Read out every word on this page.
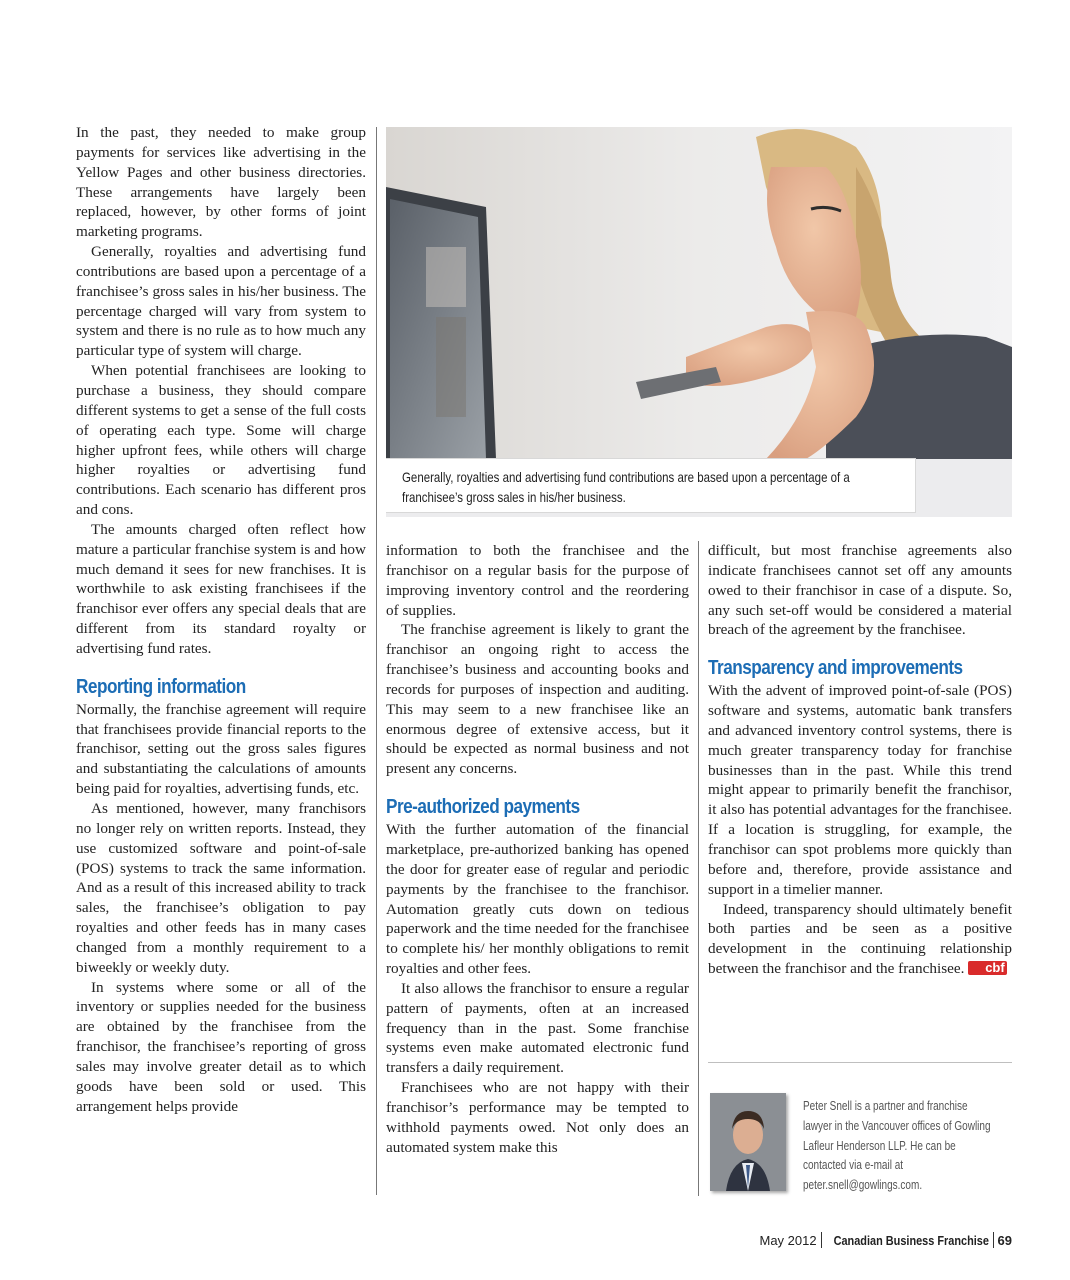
In the past, they needed to make group payments for services like advertising in the Yellow Pages and other business directories. These arrangements have largely been replaced, however, by other forms of joint marketing programs.

Generally, royalties and advertising fund contributions are based upon a percentage of a franchisee’s gross sales in his/her business. The percentage charged will vary from system to system and there is no rule as to how much any particular type of system will charge.

When potential franchisees are looking to purchase a business, they should compare different systems to get a sense of the full costs of operating each type. Some will charge higher upfront fees, while others will charge higher royalties or advertising fund contributions. Each scenario has different pros and cons.

The amounts charged often reflect how mature a particular franchise system is and how much demand it sees for new franchises. It is worthwhile to ask existing franchisees if the franchisor ever offers any special deals that are different from its standard royalty or advertising fund rates.

Reporting information

Normally, the franchise agreement will require that franchisees provide financial reports to the franchisor, setting out the gross sales figures and substantiating the calculations of amounts being paid for royalties, advertising funds, etc.

As mentioned, however, many franchisors no longer rely on written reports. Instead, they use customized software and point-of-sale (POS) systems to track the same information. And as a result of this increased ability to track sales, the franchisee’s obligation to pay royalties and other feeds has in many cases changed from a monthly requirement to a biweekly or weekly duty.

In systems where some or all of the inventory or supplies needed for the business are obtained by the franchisee from the franchisor, the franchisee’s reporting of gross sales may involve greater detail as to which goods have been sold or used. This arrangement helps provide

Generally, royalties and advertising fund contributions are based upon a percentage of a franchisee’s gross sales in his/her business.

information to both the franchisee and the franchisor on a regular basis for the purpose of improving inventory control and the reordering of supplies.

The franchise agreement is likely to grant the franchisor an ongoing right to access the franchisee’s business and accounting books and records for purposes of inspection and auditing. This may seem to a new franchisee like an enormous degree of extensive access, but it should be expected as normal business and not present any concerns.

Pre-authorized payments

With the further automation of the financial marketplace, pre-authorized banking has opened the door for greater ease of regular and periodic payments by the franchisee to the franchisor. Automation greatly cuts down on tedious paperwork and the time needed for the franchisee to complete his/ her monthly obligations to remit royalties and other fees.

It also allows the franchisor to ensure a regular pattern of payments, often at an increased frequency than in the past. Some franchise systems even make automated electronic fund transfers a daily requirement.

Franchisees who are not happy with their franchisor’s performance may be tempted to withhold payments owed. Not only does an automated system make this

difficult, but most franchise agreements also indicate franchisees cannot set off any amounts owed to their franchisor in case of a dispute. So, any such set-off would be considered a material breach of the agreement by the franchisee.

Transparency and improvements

With the advent of improved point-of-sale (POS) software and systems, automatic bank transfers and advanced inventory control systems, there is much greater transparency today for franchise businesses than in the past. While this trend might appear to primarily benefit the franchisor, it also has potential advantages for the franchisee. If a location is struggling, for example, the franchisor can spot problems more quickly than before and, therefore, provide assistance and support in a timelier manner.

Indeed, transparency should ultimately benefit both parties and be seen as a positive development in the continuing relationship between the franchisor and the franchisee. cbf

Peter Snell is a partner and franchise lawyer in the Vancouver offices of Gowling Lafleur Henderson LLP. He can be contacted via e-mail at peter.snell@gowlings.com.
May 2012 Canadian Business Franchise 69
